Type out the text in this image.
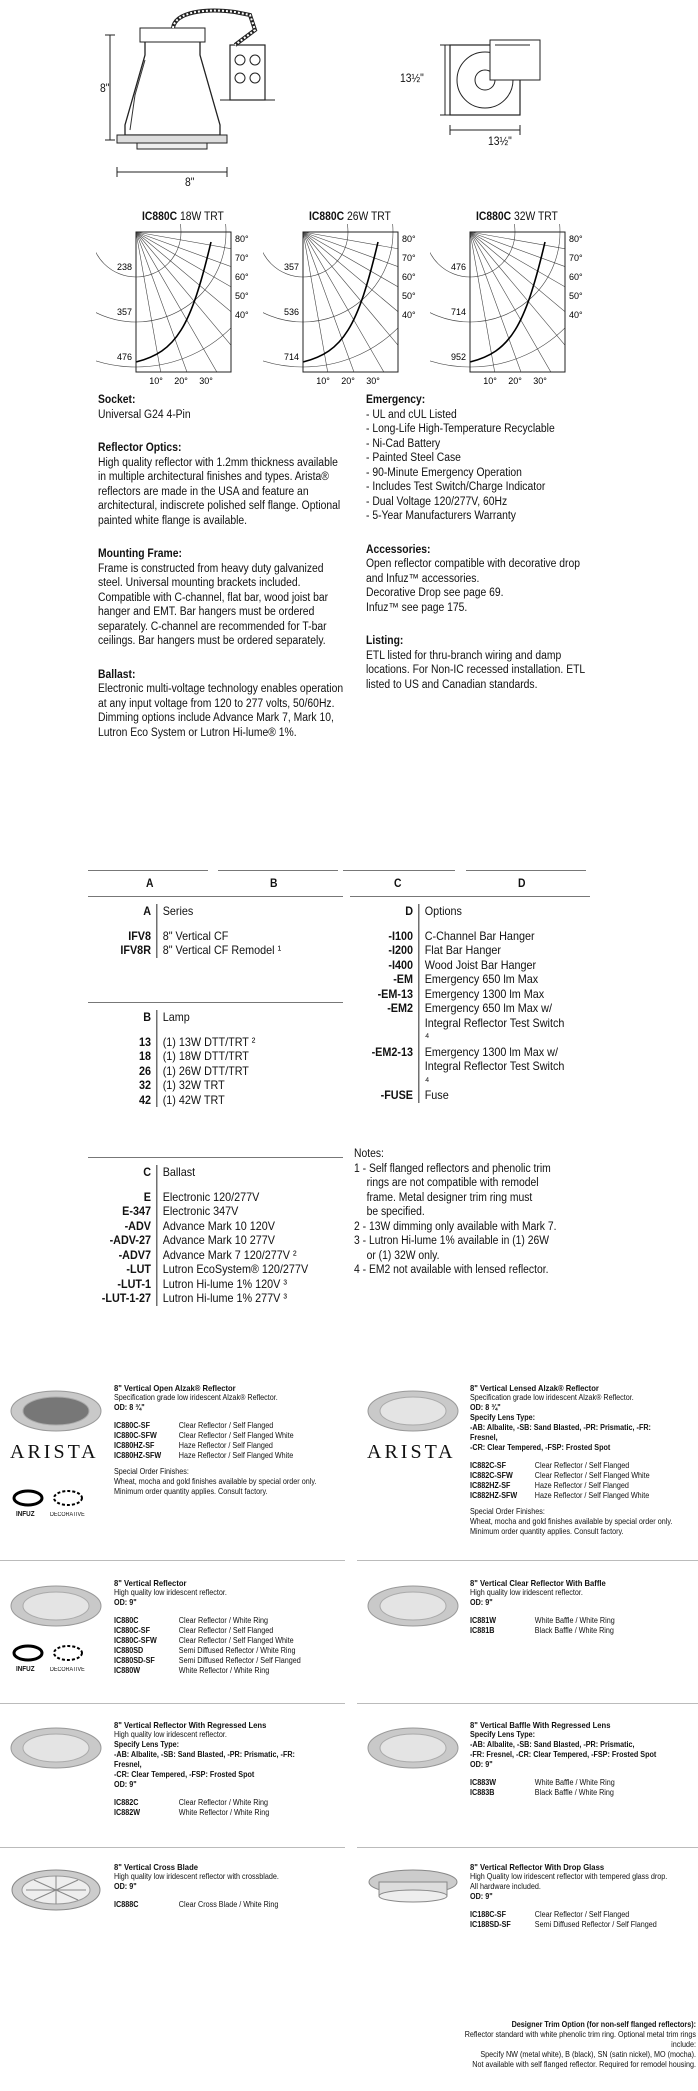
8"
8"
13½"
13½"
IC880C 18W TRT
238
357
476
80°
70°
60°
50°
40°
10° 20° 30°
IC880C 26W TRT
357
536
714
80°
70°
60°
50°
40°
10° 20° 30°
IC880C 32W TRT
476
714
952
80°
70°
60°
50°
40°
10° 20° 30°
Socket:
Universal G24 4-Pin
Reflector Optics:
High quality reflector with 1.2mm thickness available in multiple architectural finishes and types. Arista® reflectors are made in the USA and feature an architectural, indiscrete polished self flange. Optional painted white flange is available.
Mounting Frame:
Frame is constructed from heavy duty galvanized steel. Universal mounting brackets included. Compatible with C-channel, flat bar, wood joist bar hanger and EMT. Bar hangers must be ordered separately. C-channel are recommended for T-bar ceilings. Bar hangers must be ordered separately.
Ballast:
Electronic multi-voltage technology enables operation at any input voltage from 120 to 277 volts, 50/60Hz. Dimming options include Advance Mark 7, Mark 10, Lutron Eco System or Lutron Hi-lume® 1%.
Emergency:
- UL and cUL Listed
- Long-Life High-Temperature Recyclable
- Ni-Cad Battery
- Painted Steel Case
- 90-Minute Emergency Operation
- Includes Test Switch/Charge Indicator
- Dual Voltage 120/277V, 60Hz
- 5-Year Manufacturers Warranty
Accessories:
Open reflector compatible with decorative drop
and Infuz™ accessories.
Decorative Drop see page 69.
Infuz™ see page 175.
Listing:
ETL listed for thru-branch wiring and damp locations. For Non-IC recessed installation. ETL listed to US and Canadian standards.
A	B	C	D
A Series
IFV8 8" Vertical CF
IFV8R 8" Vertical CF Remodel ¹
B Lamp
13 (1) 13W DTT/TRT ²
18 (1) 18W DTT/TRT
26 (1) 26W DTT/TRT
32 (1) 32W TRT
42 (1) 42W TRT
C Ballast
E Electronic 120/277V
E-347 Electronic 347V
-ADV Advance Mark 10 120V
-ADV-27 Advance Mark 10 277V
-ADV7 Advance Mark 7 120/277V ²
-LUT Lutron EcoSystem® 120/277V
-LUT-1 Lutron Hi-lume 1% 120V ³
-LUT-1-27 Lutron Hi-lume 1% 277V ³
D Options
-I100 C-Channel Bar Hanger
-I200 Flat Bar Hanger
-I400 Wood Joist Bar Hanger
-EM Emergency 650 lm Max
-EM-13 Emergency 1300 lm Max
-EM2 Emergency 650 lm Max w/
Integral Reflector Test Switch ⁴
-EM2-13 Emergency 1300 lm Max w/
Integral Reflector Test Switch ⁴
-FUSE Fuse
Notes:
1 - Self flanged reflectors and phenolic trim
rings are not compatible with remodel
frame. Metal designer trim ring must
be specified.
2 - 13W dimming only available with Mark 7.
3 - Lutron Hi-lume 1% available in (1) 26W
or (1) 32W only.
4 - EM2 not available with lensed reflector.
8" Vertical Open Alzak® Reflector
Specification grade low iridescent Alzak® Reflector.
OD: 8 ¾"
IC880C-SF	Clear Reflector / Self Flanged
IC880C-SFW	Clear Reflector / Self Flanged White
IC880HZ-SF	Haze Reflector / Self Flanged
IC880HZ-SFW	Haze Reflector / Self Flanged White
Special Order Finishes:
Wheat, mocha and gold finishes available by special order only.
Minimum order quantity applies. Consult factory.
ARISTA
INFUZ	DECORATIVE
8" Vertical Lensed Alzak® Reflector
Specification grade low iridescent Alzak® Reflector.
OD: 8 ¾"
Specify Lens Type:
-AB: Albalite, -SB: Sand Blasted, -PR: Prismatic, -FR: Fresnel,
-CR: Clear Tempered, -FSP: Frosted Spot
IC882C-SF	Clear Reflector / Self Flanged
IC882C-SFW	Clear Reflector / Self Flanged White
IC882HZ-SF	Haze Reflector / Self Flanged
IC882HZ-SFW	Haze Reflector / Self Flanged White
Special Order Finishes:
Wheat, mocha and gold finishes available by special order only.
Minimum order quantity applies. Consult factory.
ARISTA
8" Vertical Reflector
High quality low iridescent reflector.
OD: 9"
IC880C	Clear Reflector / White Ring
IC880C-SF	Clear Reflector / Self Flanged
IC880C-SFW	Clear Reflector / Self Flanged White
IC880SD	Semi Diffused Reflector / White Ring
IC880SD-SF	Semi Diffused Reflector / Self Flanged
IC880W	White Reflector / White Ring
INFUZ	DECORATIVE
8" Vertical Clear Reflector With Baffle
High quality low iridescent reflector.
OD: 9"
IC881W	White Baffle / White Ring
IC881B	Black Baffle / White Ring
8" Vertical Reflector With Regressed Lens
High quality low iridescent reflector.
Specify Lens Type:
-AB: Albalite, -SB: Sand Blasted, -PR: Prismatic, -FR: Fresnel,
-CR: Clear Tempered, -FSP: Frosted Spot
OD: 9"
IC882C	Clear Reflector / White Ring
IC882W	White Reflector / White Ring
8" Vertical Baffle With Regressed Lens
Specify Lens Type:
-AB: Albalite, -SB: Sand Blasted, -PR: Prismatic,
-FR: Fresnel, -CR: Clear Tempered, -FSP: Frosted Spot
OD: 9"
IC883W	White Baffle / White Ring
IC883B	Black Baffle / White Ring
8" Vertical Cross Blade
High quality low iridescent reflector with crossblade.
OD: 9"
IC888C	Clear Cross Blade / White Ring
8" Vertical Reflector With Drop Glass
High Quality low iridescent reflector with tempered glass drop.
All hardware included.
OD: 9"
IC188C-SF	Clear Reflector / Self Flanged
IC188SD-SF	Semi Diffused Reflector / Self Flanged
Designer Trim Option (for non-self flanged reflectors):
Reflector standard with white phenolic trim ring. Optional metal trim rings include:
Specify NW (metal white), B (black), SN (satin nickel), MO (mocha).
Not available with self flanged reflector. Required for remodel housing.
